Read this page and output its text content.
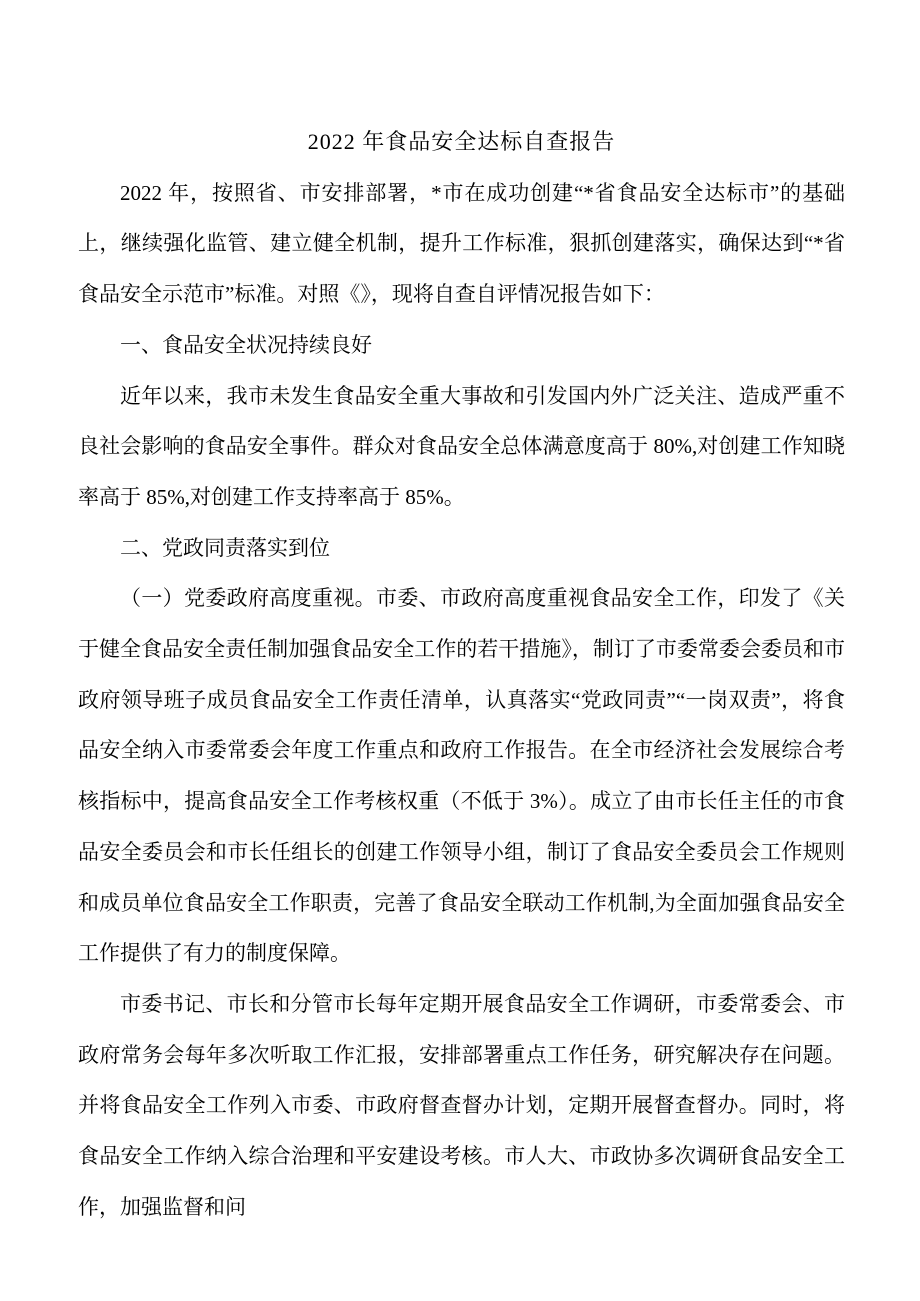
2022 年食品安全达标自查报告

2022 年，按照省、市安排部署，*市在成功创建“*省食品安全达标市”的基础上，继续强化监管、建立健全机制，提升工作标准，狠抓创建落实，确保达到“*省食品安全示范市”标准。对照《》，现将自查自评情况报告如下：

一、食品安全状况持续良好

近年以来，我市未发生食品安全重大事故和引发国内外广泛关注、造成严重不良社会影响的食品安全事件。群众对食品安全总体满意度高于 80%,对创建工作知晓率高于 85%,对创建工作支持率高于 85%。

二、党政同责落实到位

（一）党委政府高度重视。市委、市政府高度重视食品安全工作，印发了《关于健全食品安全责任制加强食品安全工作的若干措施》，制订了市委常委会委员和市政府领导班子成员食品安全工作责任清单，认真落实“党政同责”“一岗双责”，将食品安全纳入市委常委会年度工作重点和政府工作报告。在全市经济社会发展综合考核指标中，提高食品安全工作考核权重（不低于 3%）。成立了由市长任主任的市食品安全委员会和市长任组长的创建工作领导小组，制订了食品安全委员会工作规则和成员单位食品安全工作职责，完善了食品安全联动工作机制,为全面加强食品安全工作提供了有力的制度保障。

市委书记、市长和分管市长每年定期开展食品安全工作调研，市委常委会、市政府常务会每年多次听取工作汇报，安排部署重点工作任务，研究解决存在问题。并将食品安全工作列入市委、市政府督查督办计划，定期开展督查督办。同时，将食品安全工作纳入综合治理和平安建设考核。市人大、市政协多次调研食品安全工作，加强监督和问
